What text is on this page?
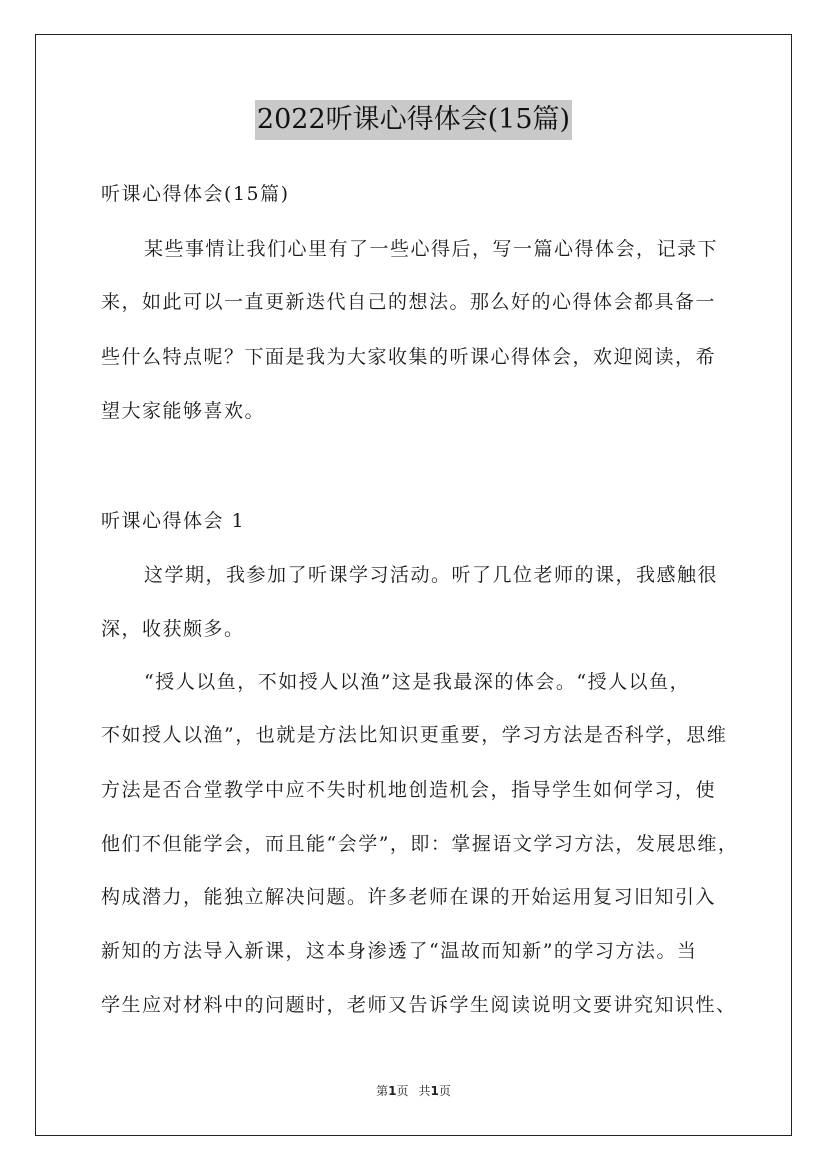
2022听课心得体会(15篇)
听课心得体会(15篇)
某些事情让我们心里有了一些心得后，写一篇心得体会，记录下
来，如此可以一直更新迭代自己的想法。那么好的心得体会都具备一
些什么特点呢？下面是我为大家收集的听课心得体会，欢迎阅读，希
望大家能够喜欢。
听课心得体会 1
这学期，我参加了听课学习活动。听了几位老师的课，我感触很
深，收获颇多。
“授人以鱼，不如授人以渔”这是我最深的体会。“授人以鱼，
不如授人以渔”，也就是方法比知识更重要，学习方法是否科学，思维
方法是否合堂教学中应不失时机地创造机会，指导学生如何学习，使
他们不但能学会，而且能“会学”，即：掌握语文学习方法，发展思维，
构成潜力，能独立解决问题。许多老师在课的开始运用复习旧知引入
新知的方法导入新课，这本身渗透了“温故而知新”的学习方法。当
学生应对材料中的问题时，老师又告诉学生阅读说明文要讲究知识性、
第1页 共1页
